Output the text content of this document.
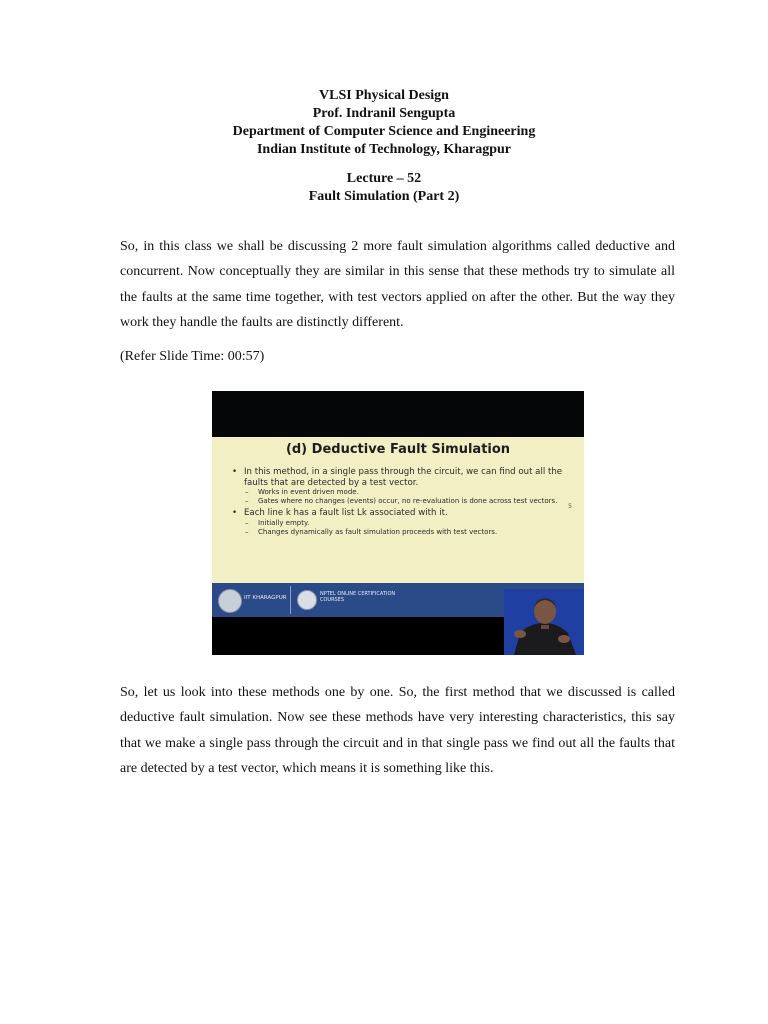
VLSI Physical Design
Prof. Indranil Sengupta
Department of Computer Science and Engineering
Indian Institute of Technology, Kharagpur
Lecture – 52
Fault Simulation (Part 2)
So, in this class we shall be discussing 2 more fault simulation algorithms called deductive and concurrent. Now conceptually they are similar in this sense that these methods try to simulate all the faults at the same time together, with test vectors applied on after the other. But the way they work they handle the faults are distinctly different.
(Refer Slide Time: 00:57)
(d) Deductive Fault Simulation
5

• In this method, in a single pass through the circuit, we can find out all the faults that are detected by a test vector.

– Works in event driven mode.

– Gates where no changes (events) occur, no re-evaluation is done across test vectors.

• Each line k has a fault list Lk associated with it.

– Initially empty.

– Changes dynamically as fault simulation proceeds with test vectors.

IIT KHARAGPUR
NPTEL ONLINE CERTIFICATION COURSES
So, let us look into these methods one by one. So, the first method that we discussed is called deductive fault simulation. Now see these methods have very interesting characteristics, this say that we make a single pass through the circuit and in that single pass we find out all the faults that are detected by a test vector, which means it is something like this.
